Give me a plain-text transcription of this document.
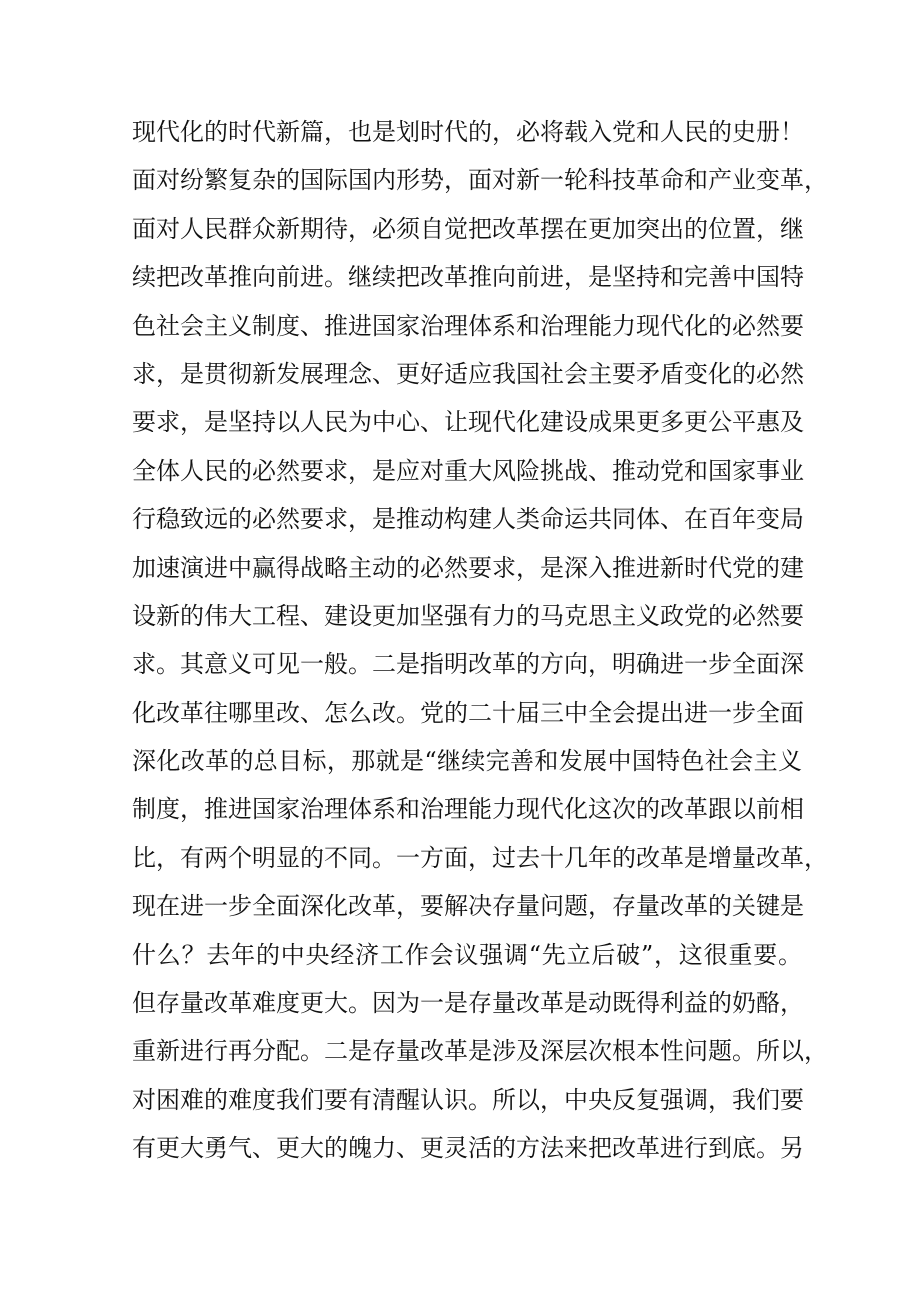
现代化的时代新篇，也是划时代的，必将载入党和人民的史册！
面对纷繁复杂的国际国内形势，面对新一轮科技革命和产业变革，
面对人民群众新期待，必须自觉把改革摆在更加突出的位置，继
续把改革推向前进。继续把改革推向前进，是坚持和完善中国特
色社会主义制度、推进国家治理体系和治理能力现代化的必然要
求，是贯彻新发展理念、更好适应我国社会主要矛盾变化的必然
要求，是坚持以人民为中心、让现代化建设成果更多更公平惠及
全体人民的必然要求，是应对重大风险挑战、推动党和国家事业
行稳致远的必然要求，是推动构建人类命运共同体、在百年变局
加速演进中赢得战略主动的必然要求，是深入推进新时代党的建
设新的伟大工程、建设更加坚强有力的马克思主义政党的必然要
求。其意义可见一般。二是指明改革的方向，明确进一步全面深
化改革往哪里改、怎么改。党的二十届三中全会提出进一步全面
深化改革的总目标，那就是“继续完善和发展中国特色社会主义
制度，推进国家治理体系和治理能力现代化这次的改革跟以前相
比，有两个明显的不同。一方面，过去十几年的改革是增量改革，
现在进一步全面深化改革，要解决存量问题，存量改革的关键是
什么？去年的中央经济工作会议强调“先立后破”，这很重要。
但存量改革难度更大。因为一是存量改革是动既得利益的奶酪，
重新进行再分配。二是存量改革是涉及深层次根本性问题。所以，
对困难的难度我们要有清醒认识。所以，中央反复强调，我们要
有更大勇气、更大的魄力、更灵活的方法来把改革进行到底。另
